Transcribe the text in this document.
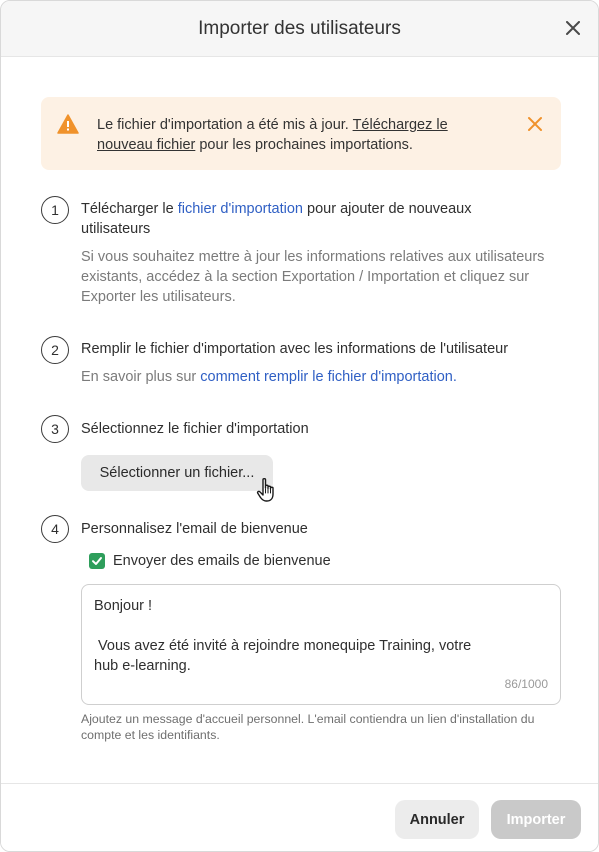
Importer des utilisateurs
Le fichier d'importation a été mis à jour. Téléchargez le nouveau fichier pour les prochaines importations.
1	Télécharger le fichier d'importation pour ajouter de nouveaux utilisateurs
Si vous souhaitez mettre à jour les informations relatives aux utilisateurs existants, accédez à la section Exportation / Importation et cliquez sur Exporter les utilisateurs.
2	Remplir le fichier d'importation avec les informations de l'utilisateur
En savoir plus sur comment remplir le fichier d'importation.
3	Sélectionnez le fichier d'importation
Sélectionner un fichier...
4	Personnalisez l'email de bienvenue
Envoyer des emails de bienvenue
Bonjour !

Vous avez été invité à rejoindre monequipe Training, votre
hub e-learning.
86/1000
Ajoutez un message d'accueil personnel. L'email contiendra un lien d'installation du compte et les identifiants.
Annuler	Importer
